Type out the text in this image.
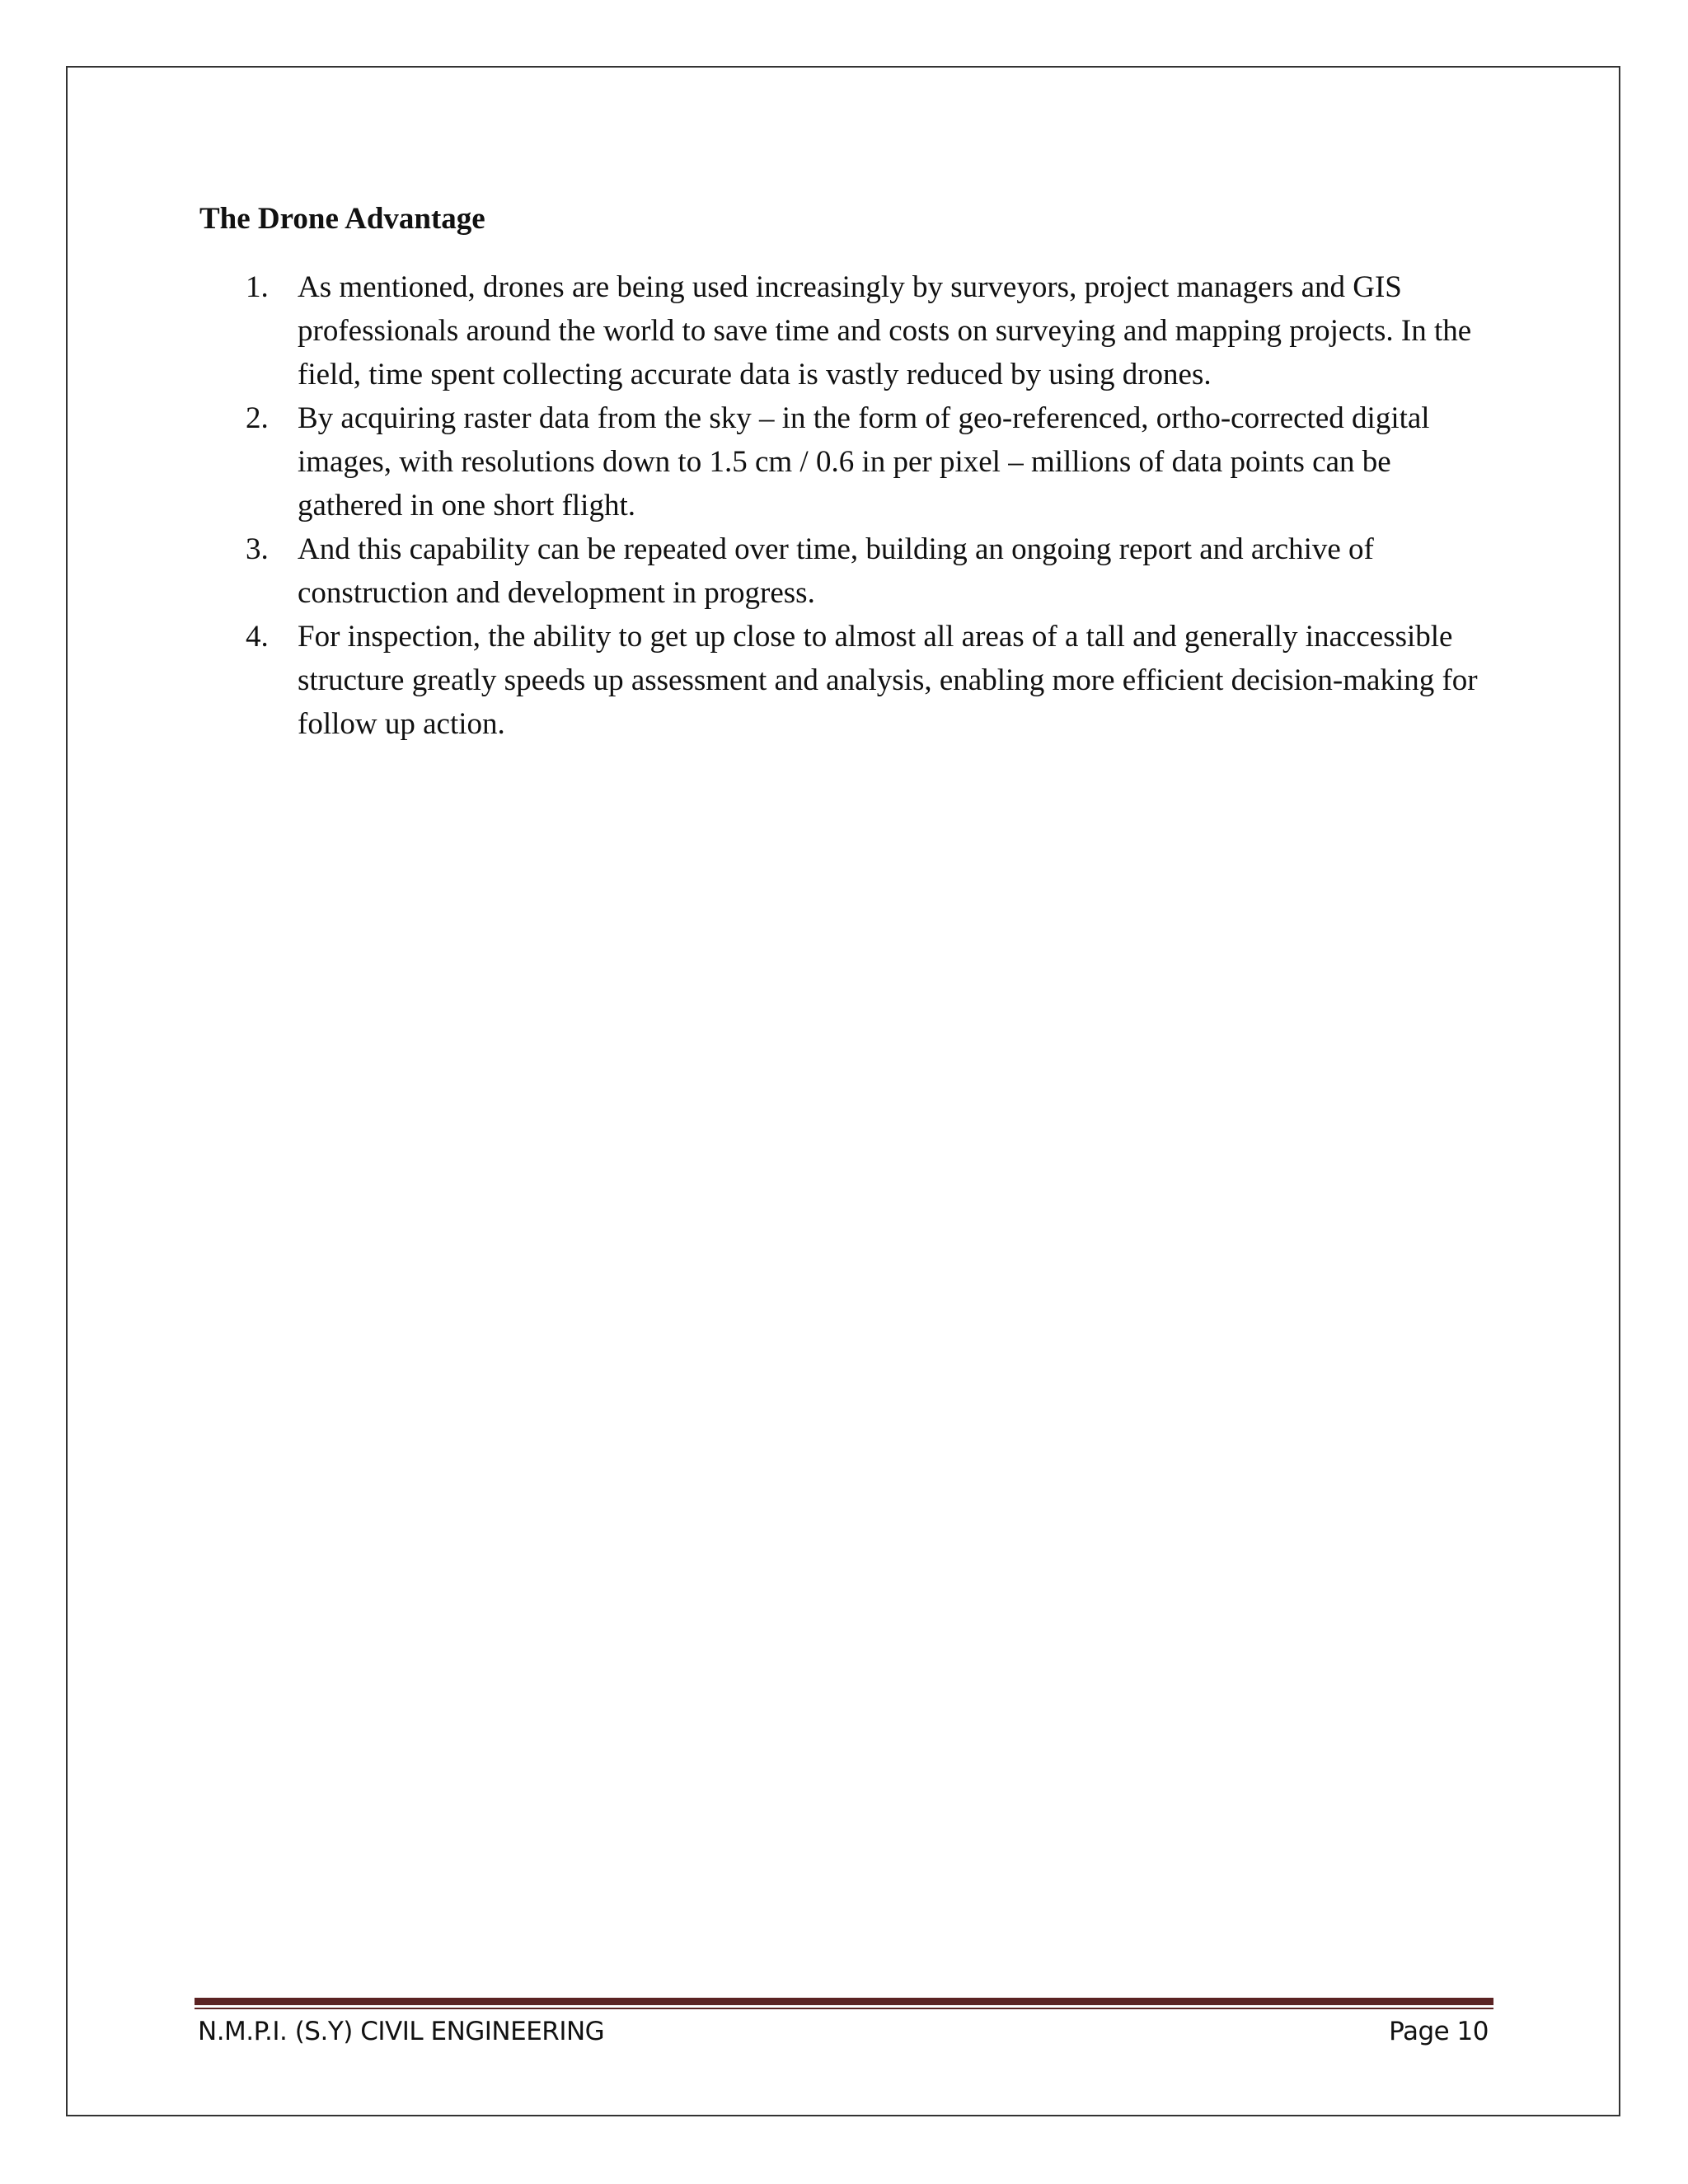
The Drone Advantage
1. As mentioned, drones are being used increasingly by surveyors, project managers and GIS professionals around the world to save time and costs on surveying and mapping projects. In the field, time spent collecting accurate data is vastly reduced by using drones.
2. By acquiring raster data from the sky – in the form of geo-referenced, ortho-corrected digital images, with resolutions down to 1.5 cm / 0.6 in per pixel – millions of data points can be gathered in one short flight.
3. And this capability can be repeated over time, building an ongoing report and archive of construction and development in progress.
4. For inspection, the ability to get up close to almost all areas of a tall and generally inaccessible structure greatly speeds up assessment and analysis, enabling more efficient decision-making for follow up action.
N.M.P.I. (S.Y) CIVIL ENGINEERING	Page 10
